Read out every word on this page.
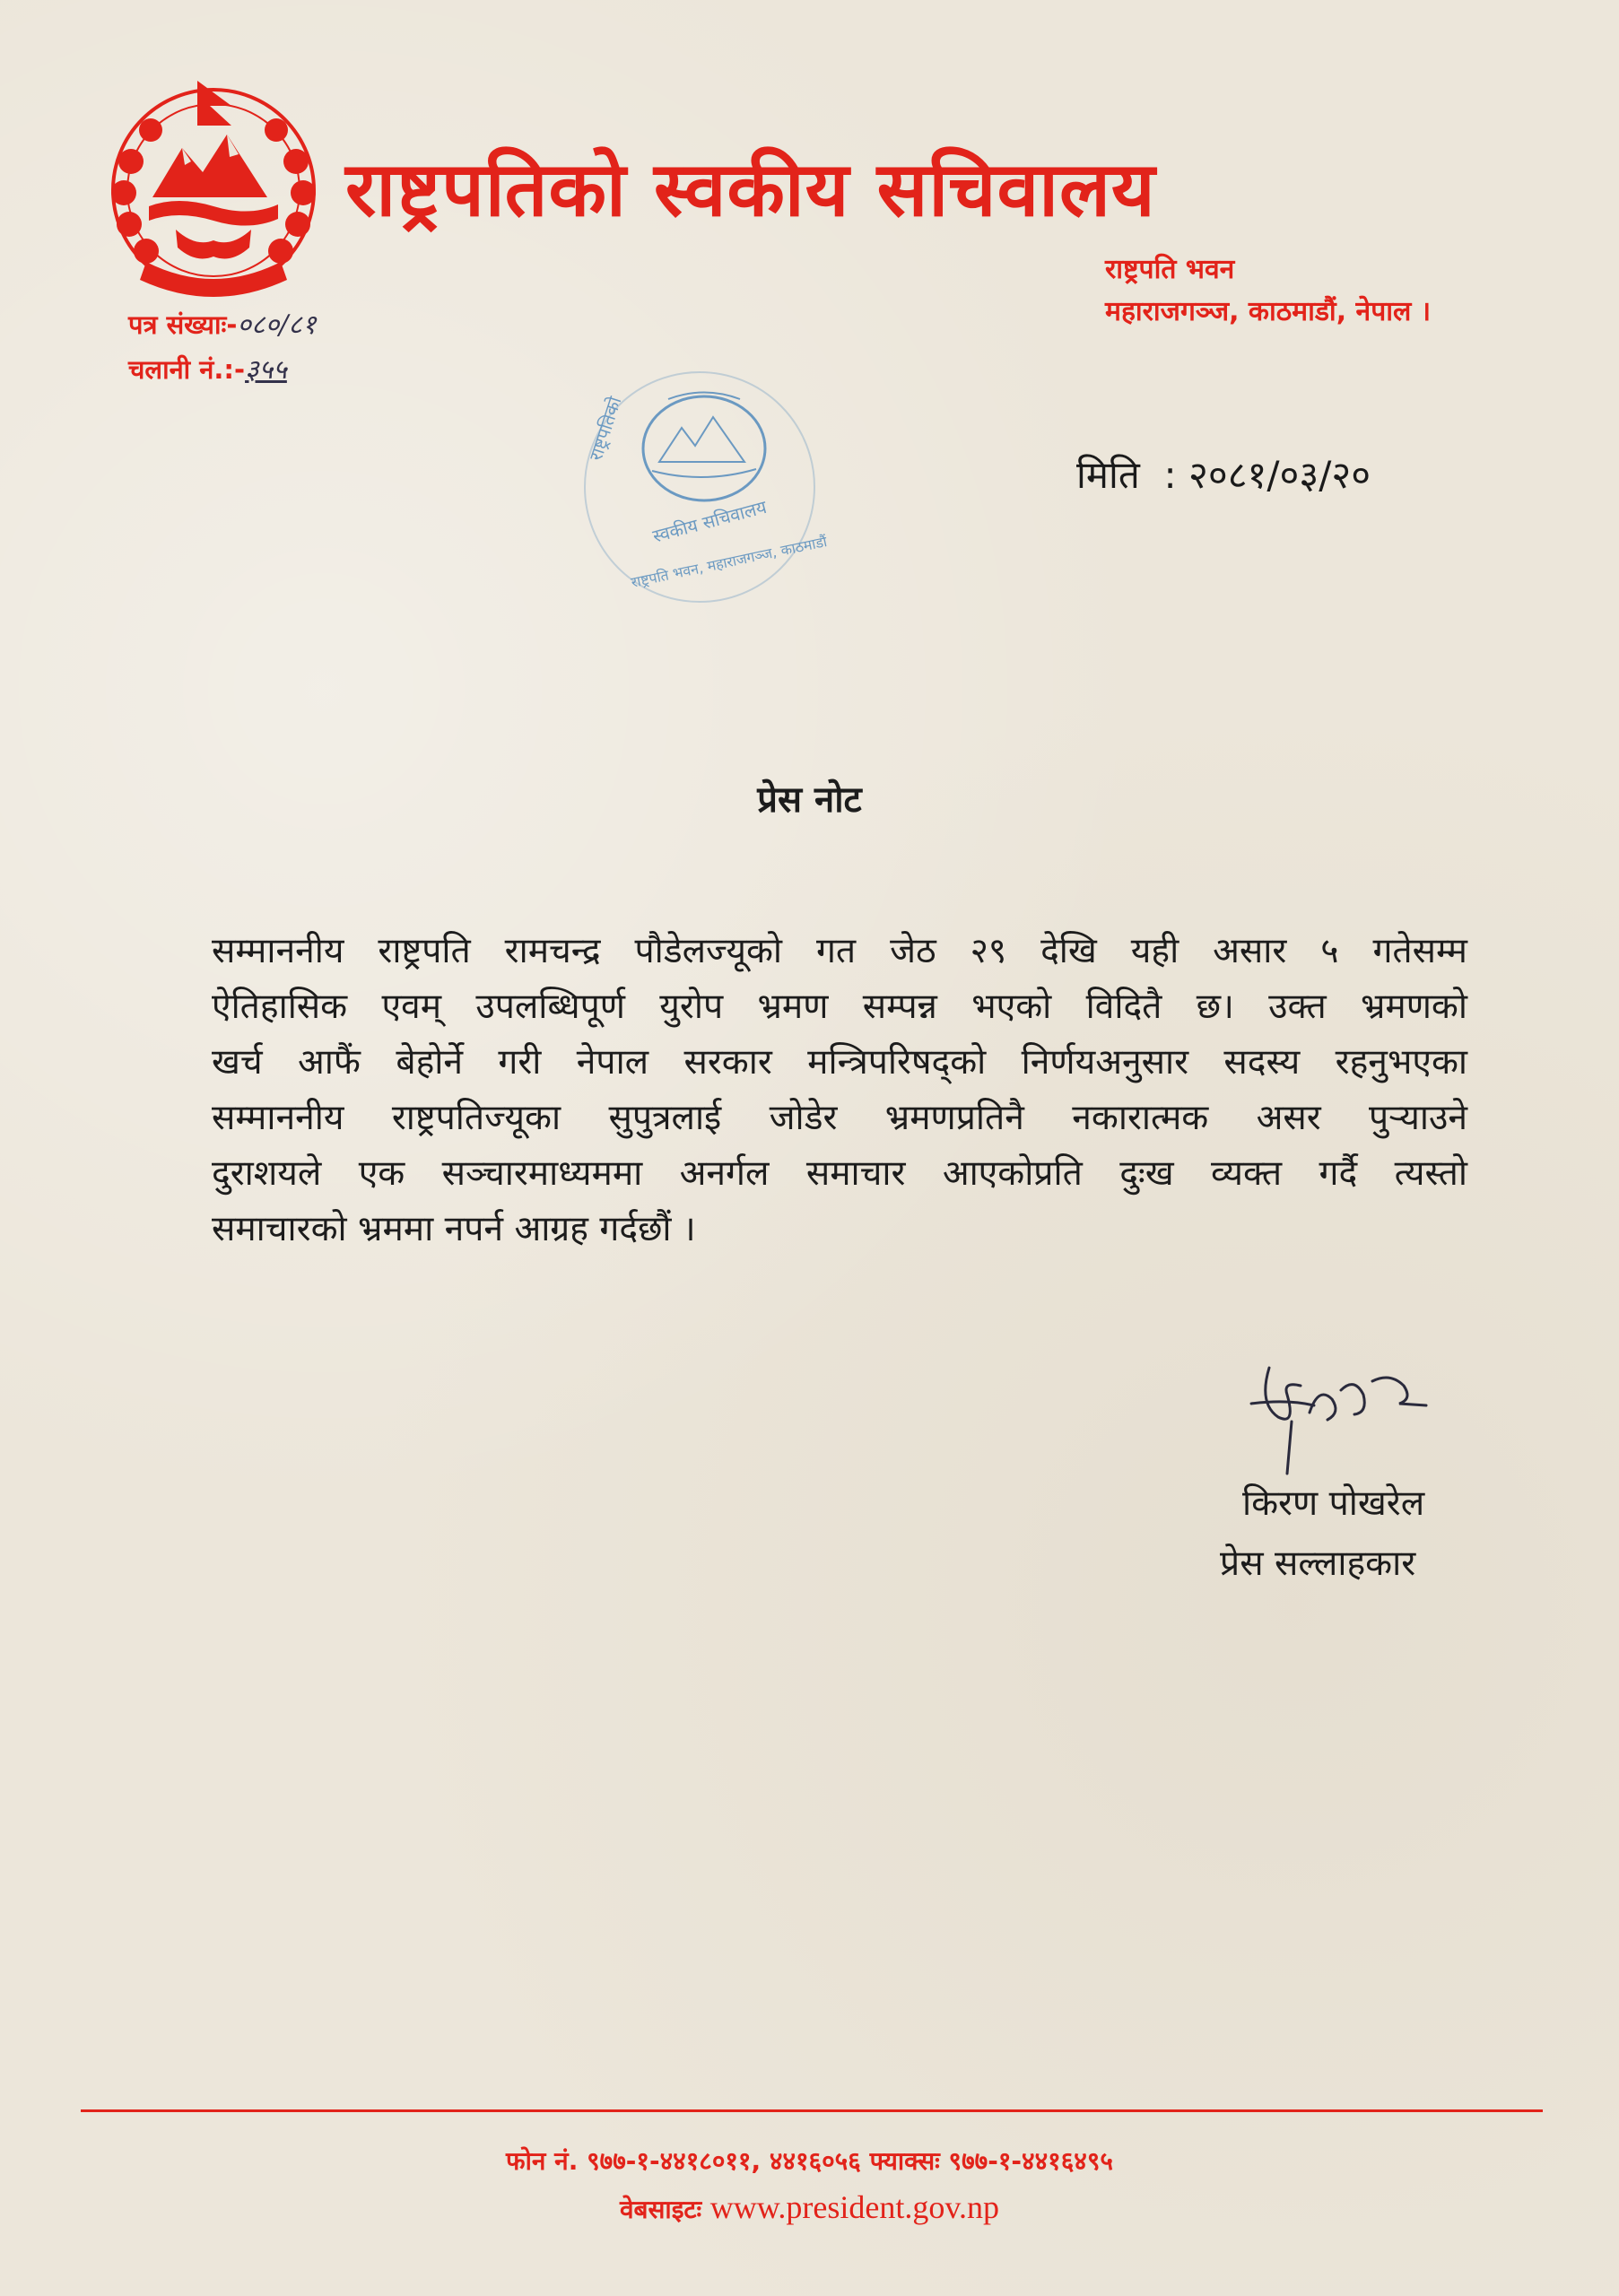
राष्ट्रपतिको स्वकीय सचिवालय
राष्ट्रपति भवन
महाराजगञ्ज, काठमाडौं, नेपाल ।
पत्र संख्याः-०८०/८१
चलानी नं.:-३५५
राष्ट्रपतिको
स्वकीय सचिवालय
राष्ट्रपति भवन, महाराजगञ्ज, काठमाडौं
मिति  : २०८१/०३/२०
प्रेस नोट
सम्माननीय राष्ट्रपति रामचन्द्र पौडेलज्यूको गत जेठ २९ देखि यही असार ५ गतेसम्म
ऐतिहासिक एवम् उपलब्धिपूर्ण युरोप भ्रमण सम्पन्न भएको विदितै छ। उक्त भ्रमणको
खर्च आफैं बेहोर्ने गरी नेपाल सरकार मन्त्रिपरिषद्को निर्णयअनुसार सदस्य रहनुभएका
सम्माननीय राष्ट्रपतिज्यूका सुपुत्रलाई जोडेर भ्रमणप्रतिनै नकारात्मक असर पुऱ्याउने
दुराशयले एक सञ्चारमाध्यममा अनर्गल समाचार आएकोप्रति दुःख व्यक्त गर्दै त्यस्तो
समाचारको भ्रममा नपर्न आग्रह गर्दछौं ।
किरण पोखरेल
प्रेस सल्लाहकार
फोन नं. ९७७-१-४४१८०११, ४४१६०५६ फ्याक्सः ९७७-१-४४१६४९५
वेबसाइटः www.president.gov.np
